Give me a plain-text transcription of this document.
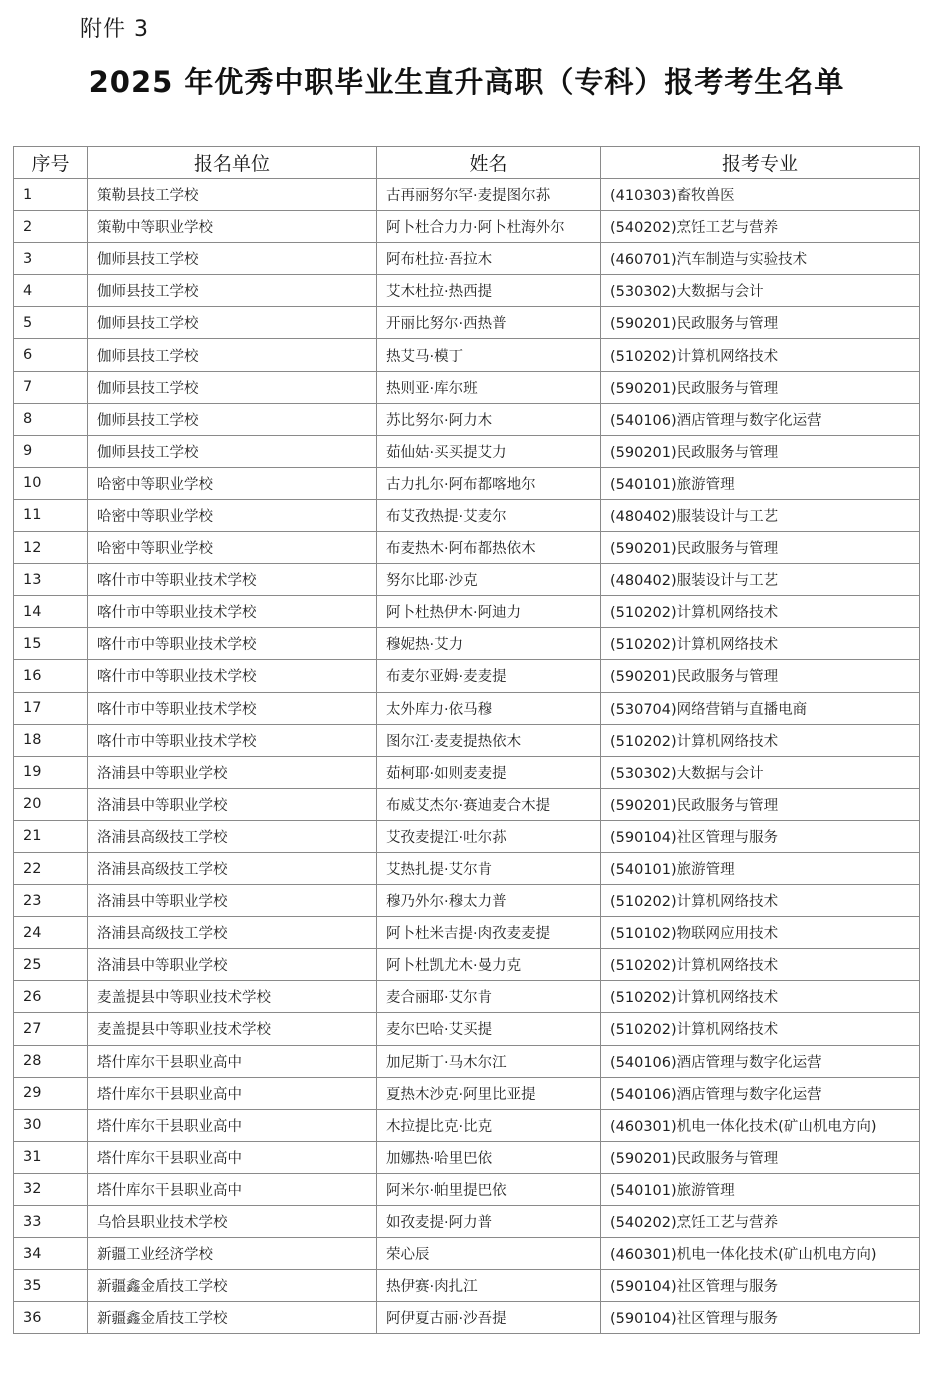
附件 3
2025 年优秀中职毕业生直升高职（专科）报考考生名单
序号	报名单位	姓名	报考专业
1	策勒县技工学校	古再丽努尔罕·麦提图尔荪	(410303)畜牧兽医
2	策勒中等职业学校	阿卜杜合力力·阿卜杜海外尔	(540202)烹饪工艺与营养
3	伽师县技工学校	阿布杜拉·吾拉木	(460701)汽车制造与实验技术
4	伽师县技工学校	艾木杜拉·热西提	(530302)大数据与会计
5	伽师县技工学校	开丽比努尔·西热普	(590201)民政服务与管理
6	伽师县技工学校	热艾马·模丁	(510202)计算机网络技术
7	伽师县技工学校	热则亚·库尔班	(590201)民政服务与管理
8	伽师县技工学校	苏比努尔·阿力木	(540106)酒店管理与数字化运营
9	伽师县技工学校	茹仙姑·买买提艾力	(590201)民政服务与管理
10	哈密中等职业学校	古力扎尔·阿布都喀地尔	(540101)旅游管理
11	哈密中等职业学校	布艾孜热提·艾麦尔	(480402)服装设计与工艺
12	哈密中等职业学校	布麦热木·阿布都热依木	(590201)民政服务与管理
13	喀什市中等职业技术学校	努尔比耶·沙克	(480402)服装设计与工艺
14	喀什市中等职业技术学校	阿卜杜热伊木·阿迪力	(510202)计算机网络技术
15	喀什市中等职业技术学校	穆妮热·艾力	(510202)计算机网络技术
16	喀什市中等职业技术学校	布麦尔亚姆·麦麦提	(590201)民政服务与管理
17	喀什市中等职业技术学校	太外库力·依马穆	(530704)网络营销与直播电商
18	喀什市中等职业技术学校	图尔江·麦麦提热依木	(510202)计算机网络技术
19	洛浦县中等职业学校	茹柯耶·如则麦麦提	(530302)大数据与会计
20	洛浦县中等职业学校	布威艾杰尔·赛迪麦合木提	(590201)民政服务与管理
21	洛浦县高级技工学校	艾孜麦提江·吐尔荪	(590104)社区管理与服务
22	洛浦县高级技工学校	艾热扎提·艾尔肯	(540101)旅游管理
23	洛浦县中等职业学校	穆乃外尔·穆太力普	(510202)计算机网络技术
24	洛浦县高级技工学校	阿卜杜米吉提·肉孜麦麦提	(510102)物联网应用技术
25	洛浦县中等职业学校	阿卜杜凯尤木·曼力克	(510202)计算机网络技术
26	麦盖提县中等职业技术学校	麦合丽耶·艾尔肯	(510202)计算机网络技术
27	麦盖提县中等职业技术学校	麦尔巴哈·艾买提	(510202)计算机网络技术
28	塔什库尔干县职业高中	加尼斯丁·马木尔江	(540106)酒店管理与数字化运营
29	塔什库尔干县职业高中	夏热木沙克·阿里比亚提	(540106)酒店管理与数字化运营
30	塔什库尔干县职业高中	木拉提比克·比克	(460301)机电一体化技术(矿山机电方向)
31	塔什库尔干县职业高中	加娜热·哈里巴依	(590201)民政服务与管理
32	塔什库尔干县职业高中	阿米尔·帕里提巴依	(540101)旅游管理
33	乌恰县职业技术学校	如孜麦提·阿力普	(540202)烹饪工艺与营养
34	新疆工业经济学校	荣心辰	(460301)机电一体化技术(矿山机电方向)
35	新疆鑫金盾技工学校	热伊赛·肉扎江	(590104)社区管理与服务
36	新疆鑫金盾技工学校	阿伊夏古丽·沙吾提	(590104)社区管理与服务
